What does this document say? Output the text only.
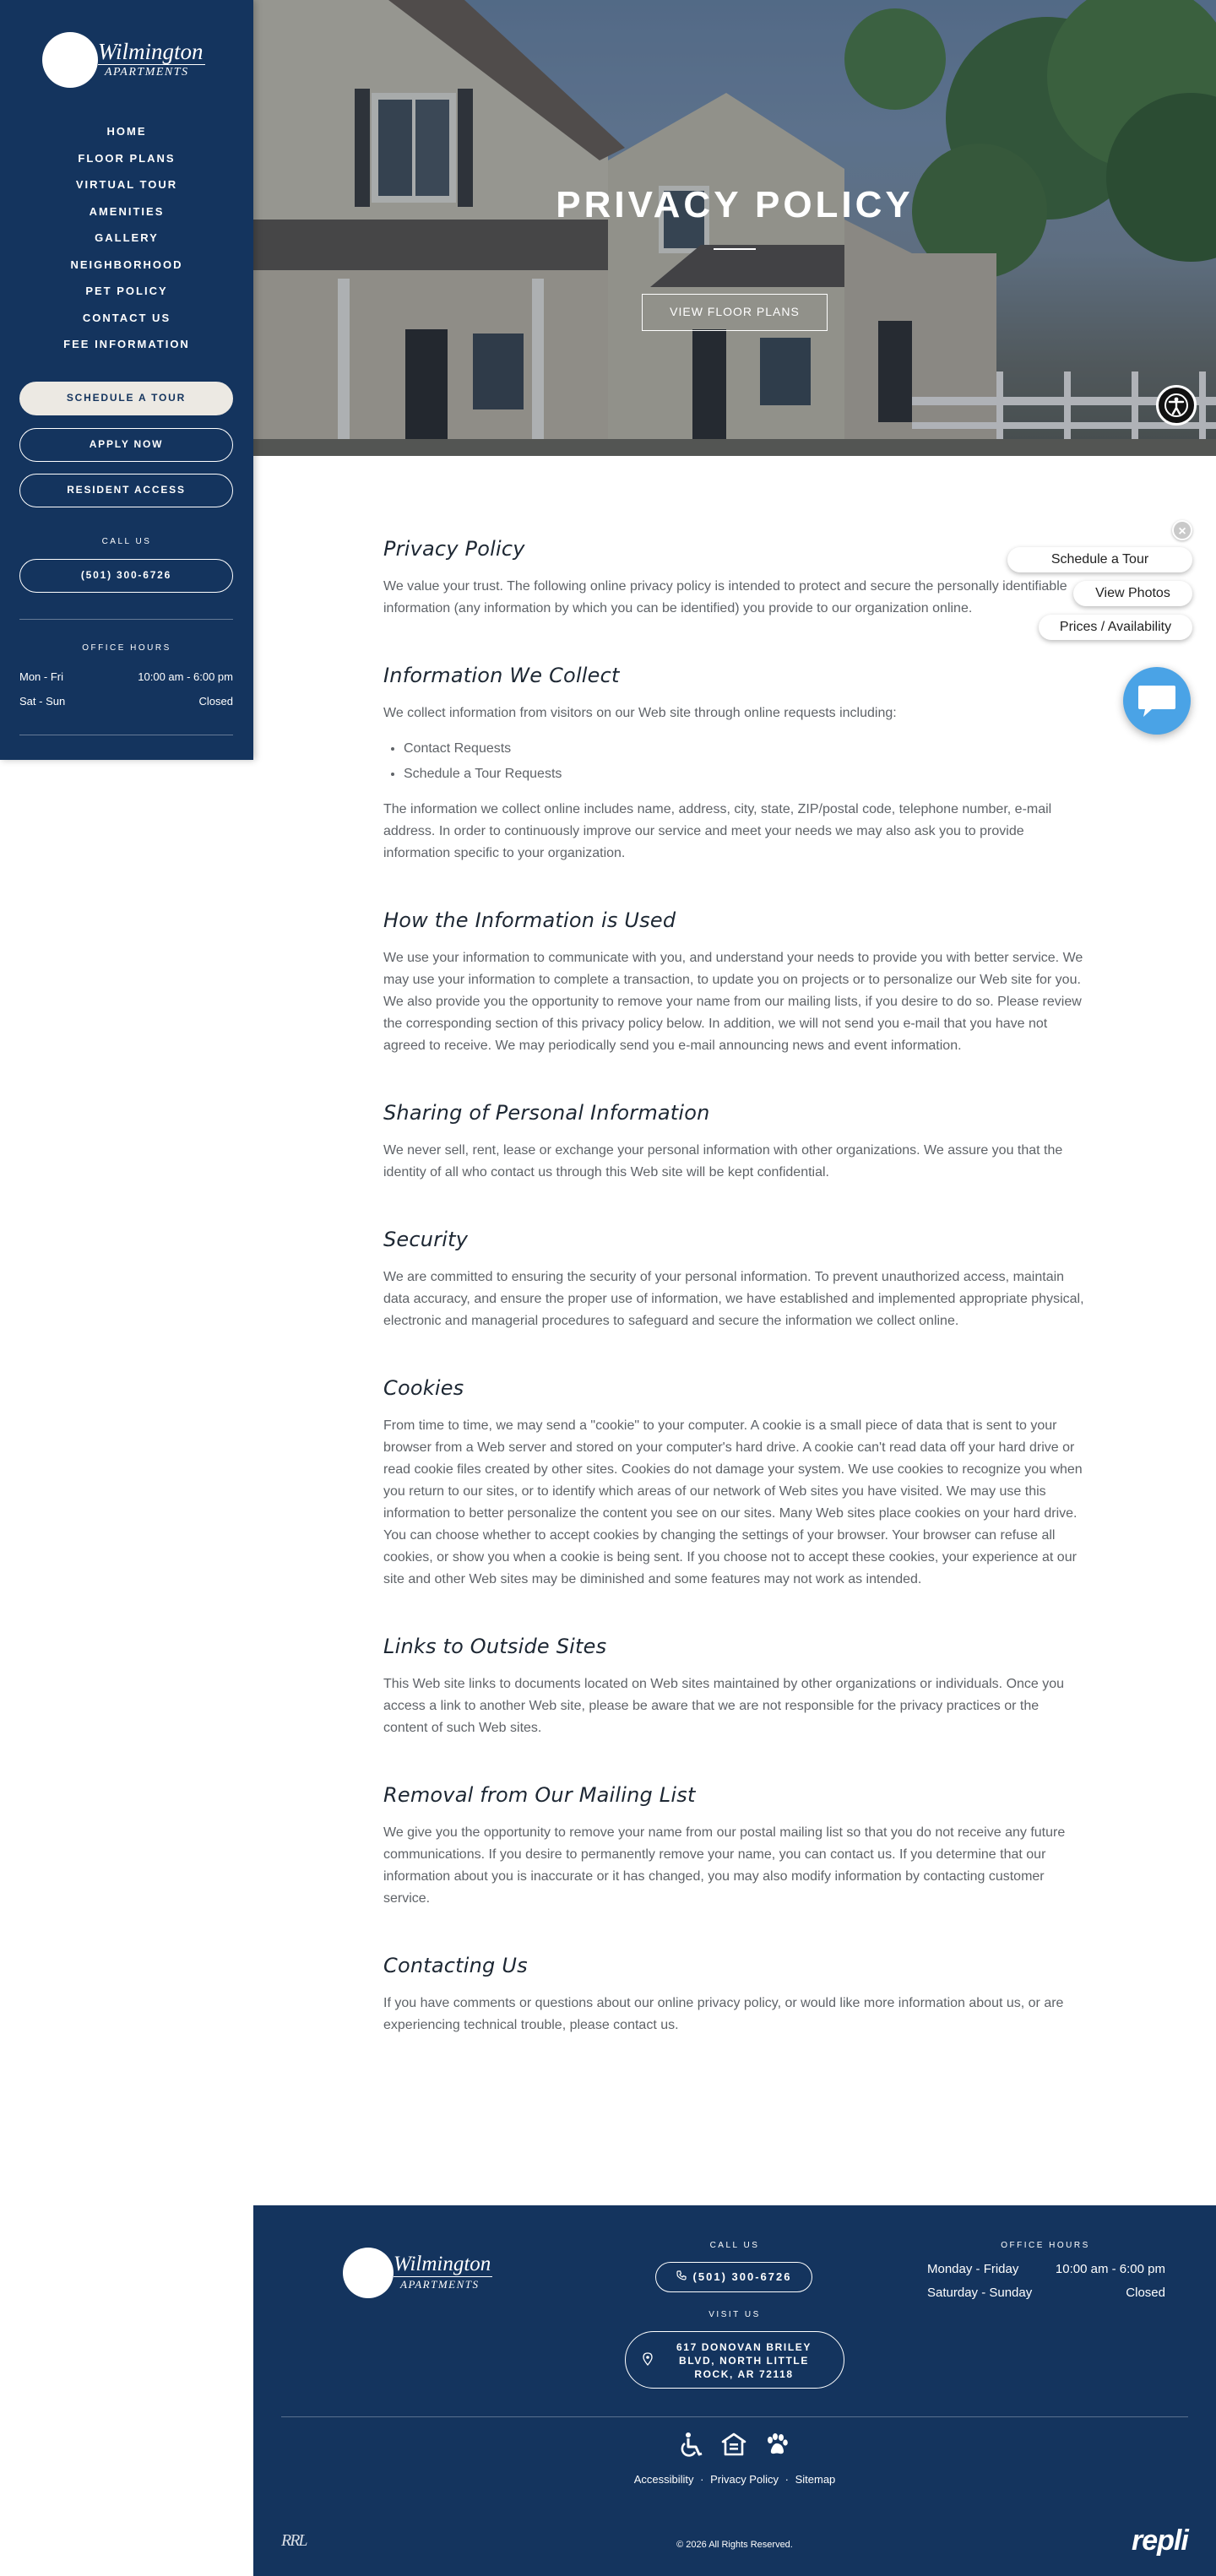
Wilmington
APARTMENTS
HOME
FLOOR PLANS
VIRTUAL TOUR
AMENITIES
GALLERY
NEIGHBORHOOD
PET POLICY
CONTACT US
FEE INFORMATION
SCHEDULE A TOUR
APPLY NOW
RESIDENT ACCESS
CALL US
(501) 300-6726
OFFICE HOURS
Mon - Fri	10:00 am - 6:00 pm
Sat - Sun	Closed
PRIVACY POLICY
VIEW FLOOR PLANS
×
Schedule a Tour
View Photos
Prices / Availability
Privacy Policy

We value your trust. The following online privacy policy is intended to protect and secure the personally identifiable information (any information by which you can be identified) you provide to our organization online.

Information We Collect

We collect information from visitors on our Web site through online requests including:

• Contact Requests
• Schedule a Tour Requests

The information we collect online includes name, address, city, state, ZIP/postal code, telephone number, e-mail address. In order to continuously improve our service and meet your needs we may also ask you to provide information specific to your organization.

How the Information is Used

We use your information to communicate with you, and understand your needs to provide you with better service. We may use your information to complete a transaction, to update you on projects or to personalize our Web site for you. We also provide you the opportunity to remove your name from our mailing lists, if you desire to do so. Please review the corresponding section of this privacy policy below. In addition, we will not send you e-mail that you have not agreed to receive. We may periodically send you e-mail announcing news and event information.

Sharing of Personal Information

We never sell, rent, lease or exchange your personal information with other organizations. We assure you that the identity of all who contact us through this Web site will be kept confidential.

Security

We are committed to ensuring the security of your personal information. To prevent unauthorized access, maintain data accuracy, and ensure the proper use of information, we have established and implemented appropriate physical, electronic and managerial procedures to safeguard and secure the information we collect online.

Cookies

From time to time, we may send a "cookie" to your computer. A cookie is a small piece of data that is sent to your browser from a Web server and stored on your computer's hard drive. A cookie can't read data off your hard drive or read cookie files created by other sites. Cookies do not damage your system. We use cookies to recognize you when you return to our sites, or to identify which areas of our network of Web sites you have visited. We may use this information to better personalize the content you see on our sites. Many Web sites place cookies on your hard drive. You can choose whether to accept cookies by changing the settings of your browser. Your browser can refuse all cookies, or show you when a cookie is being sent. If you choose not to accept these cookies, your experience at our site and other Web sites may be diminished and some features may not work as intended.

Links to Outside Sites

This Web site links to documents located on Web sites maintained by other organizations or individuals. Once you access a link to another Web site, please be aware that we are not responsible for the privacy practices or the content of such Web sites.

Removal from Our Mailing List

We give you the opportunity to remove your name from our postal mailing list so that you do not receive any future communications. If you desire to permanently remove your name, you can contact us. If you determine that our information about you is inaccurate or it has changed, you may also modify information by contacting customer service.

Contacting Us

If you have comments or questions about our online privacy policy, or would like more information about us, or are experiencing technical trouble, please contact us.

Wilmington
APARTMENTS
CALL US
(501) 300-6726
VISIT US
617 DONOVAN BRILEY
BLVD, NORTH LITTLE
ROCK, AR 72118
OFFICE HOURS
Monday - Friday	10:00 am - 6:00 pm
Saturday - Sunday	Closed
Accessibility · Privacy Policy · Sitemap
RRL	© 2026 All Rights Reserved.	repli
